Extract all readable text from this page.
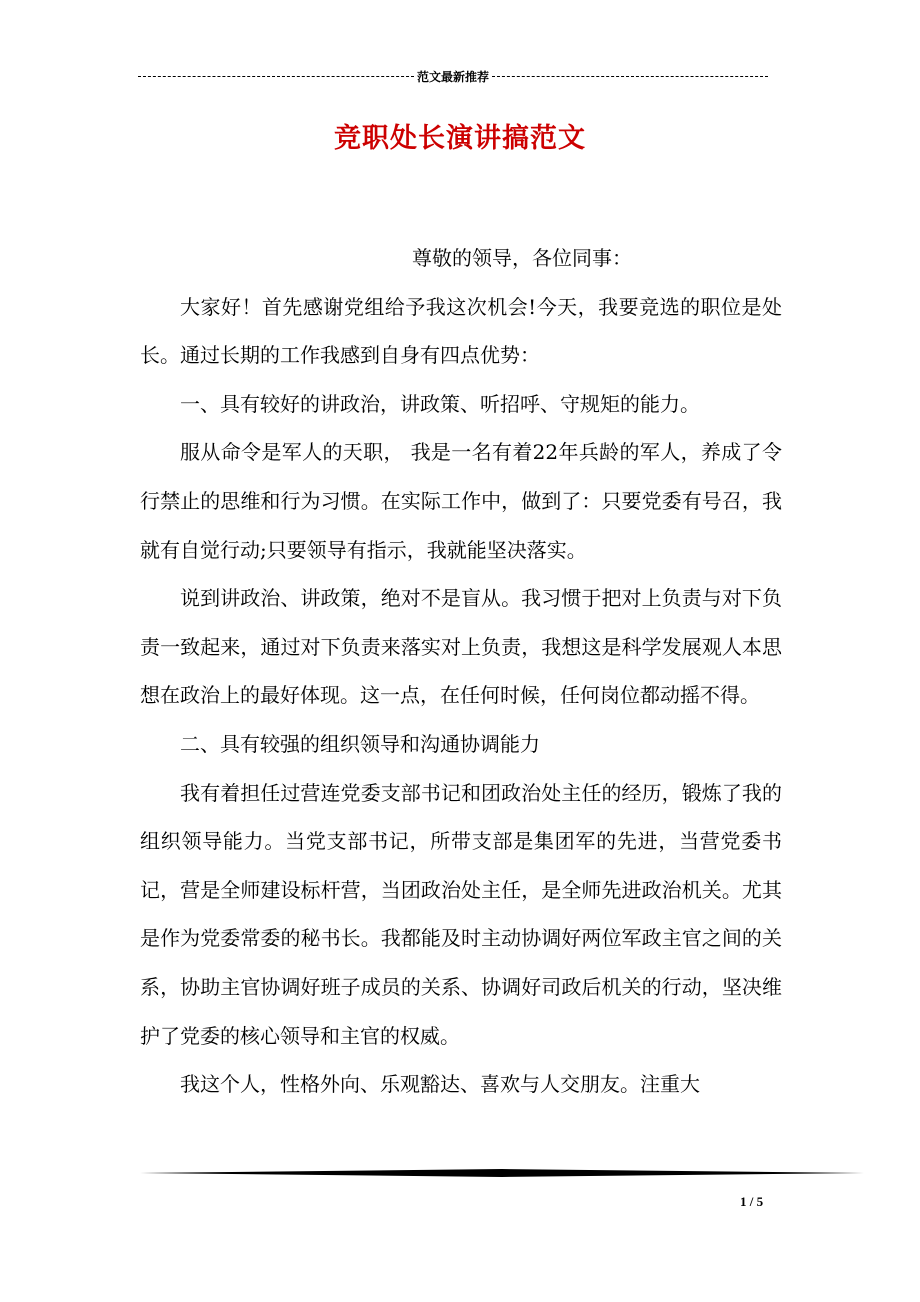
范文最新推荐
竞职处长演讲搞范文

尊敬的领导，各位同事：

大家好！首先感谢党组给予我这次机会!今天，我要竞选的职位是处长。通过长期的工作我感到自身有四点优势：

一、具有较好的讲政治，讲政策、听招呼、守规矩的能力。

服从命令是军人的天职， 我是一名有着22年兵龄的军人，养成了令行禁止的思维和行为习惯。在实际工作中，做到了：只要党委有号召，我就有自觉行动;只要领导有指示，我就能坚决落实。

说到讲政治、讲政策，绝对不是盲从。我习惯于把对上负责与对下负责一致起来，通过对下负责来落实对上负责，我想这是科学发展观人本思想在政治上的最好体现。这一点，在任何时候，任何岗位都动摇不得。

二、具有较强的组织领导和沟通协调能力

我有着担任过营连党委支部书记和团政治处主任的经历，锻炼了我的组织领导能力。当党支部书记，所带支部是集团军的先进，当营党委书记，营是全师建设标杆营，当团政治处主任，是全师先进政治机关。尤其是作为党委常委的秘书长。我都能及时主动协调好两位军政主官之间的关系，协助主官协调好班子成员的关系、协调好司政后机关的行动，坚决维护了党委的核心领导和主官的权威。

我这个人，性格外向、乐观豁达、喜欢与人交朋友。注重大

1 / 5
